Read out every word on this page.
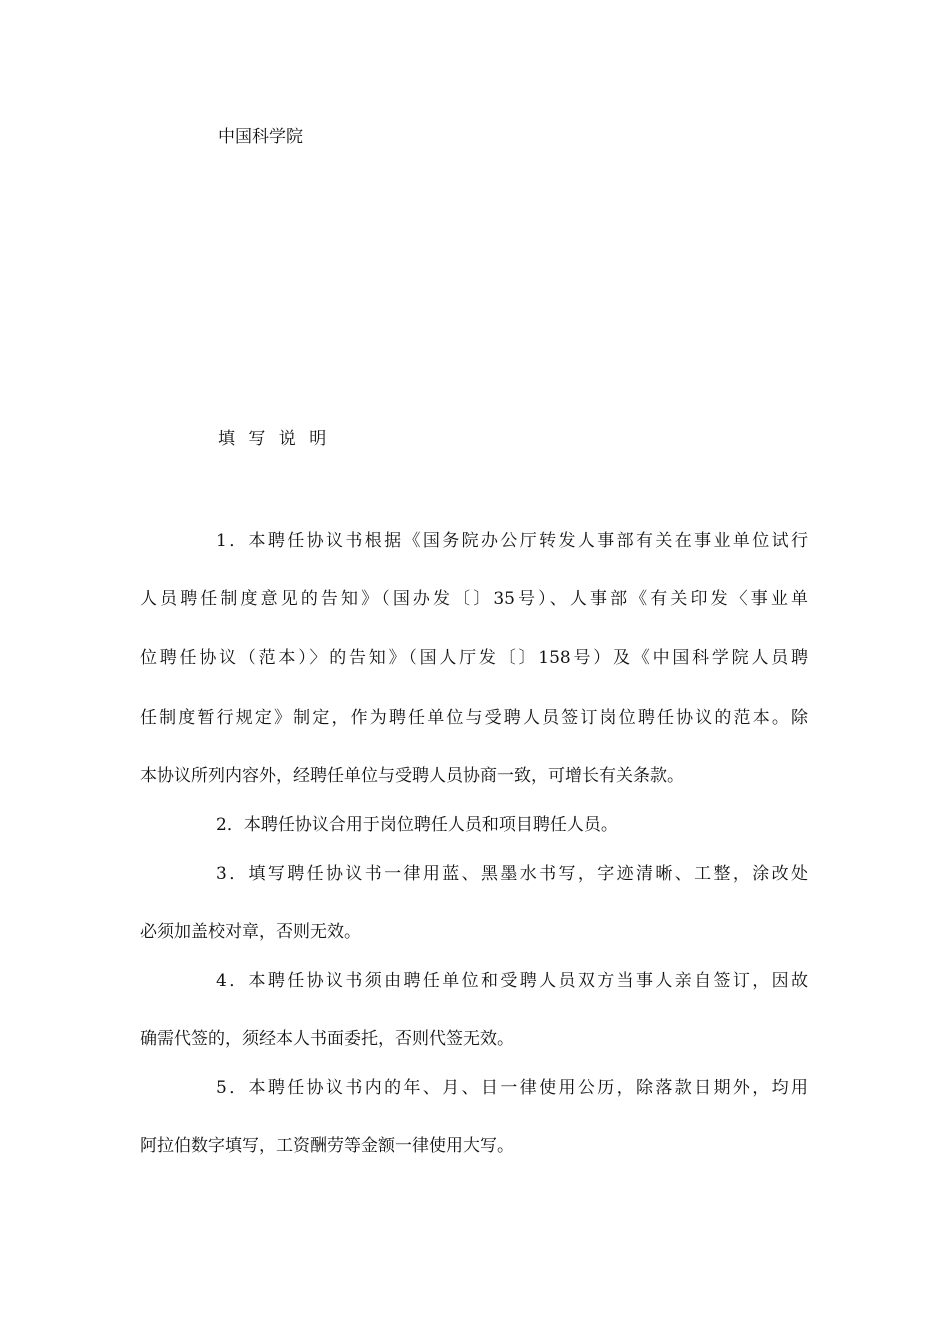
中国科学院
填 写 说 明
1．本聘任协议书根据《国务院办公厅转发人事部有关在事业单位试行
人员聘任制度意见的告知》（国办发〔〕35号）、人事部《有关印发〈事业单
位聘任协议（范本）〉的告知》（国人厅发〔〕158号）及《中国科学院人员聘
任制度暂行规定》制定，作为聘任单位与受聘人员签订岗位聘任协议的范本。除
本协议所列内容外，经聘任单位与受聘人员协商一致，可增长有关条款。
2．本聘任协议合用于岗位聘任人员和项目聘任人员。
3．填写聘任协议书一律用蓝、黑墨水书写，字迹清晰、工整，涂改处
必须加盖校对章，否则无效。
4．本聘任协议书须由聘任单位和受聘人员双方当事人亲自签订，因故
确需代签的，须经本人书面委托，否则代签无效。
5．本聘任协议书内的年、月、日一律使用公历，除落款日期外，均用
阿拉伯数字填写，工资酬劳等金额一律使用大写。
